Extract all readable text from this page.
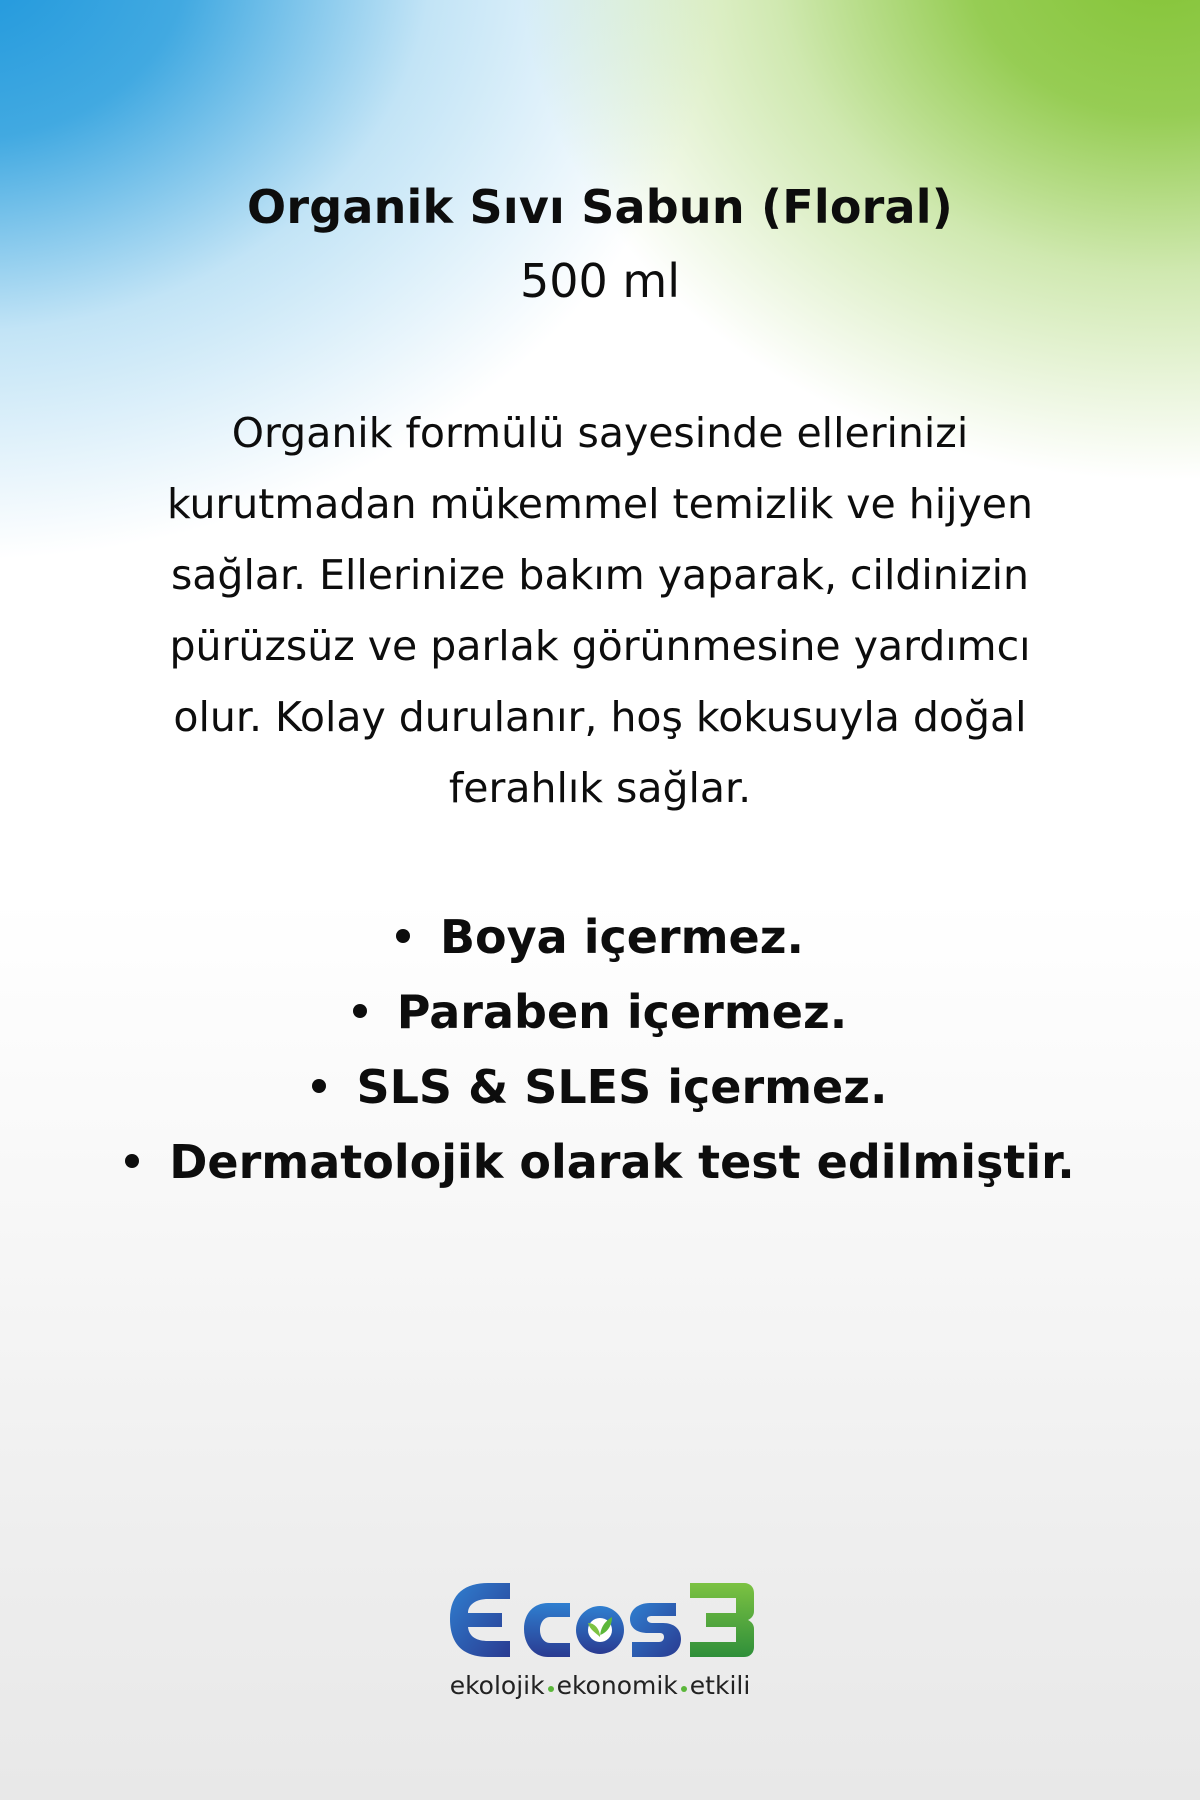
Organik Sıvı Sabun (Floral)
500 ml

Organik formülü sayesinde ellerinizi kurutmadan mükemmel temizlik ve hijyen sağlar. Ellerinize bakım yaparak, cildinizin pürüzsüz ve parlak görünmesine yardımcı olur. Kolay durulanır, hoş kokusuyla doğal ferahlık sağlar.

Boya içermez.
Paraben içermez.
SLS & SLES içermez.
Dermatolojik olarak test edilmiştir.
ekolojik ekonomik etkili
